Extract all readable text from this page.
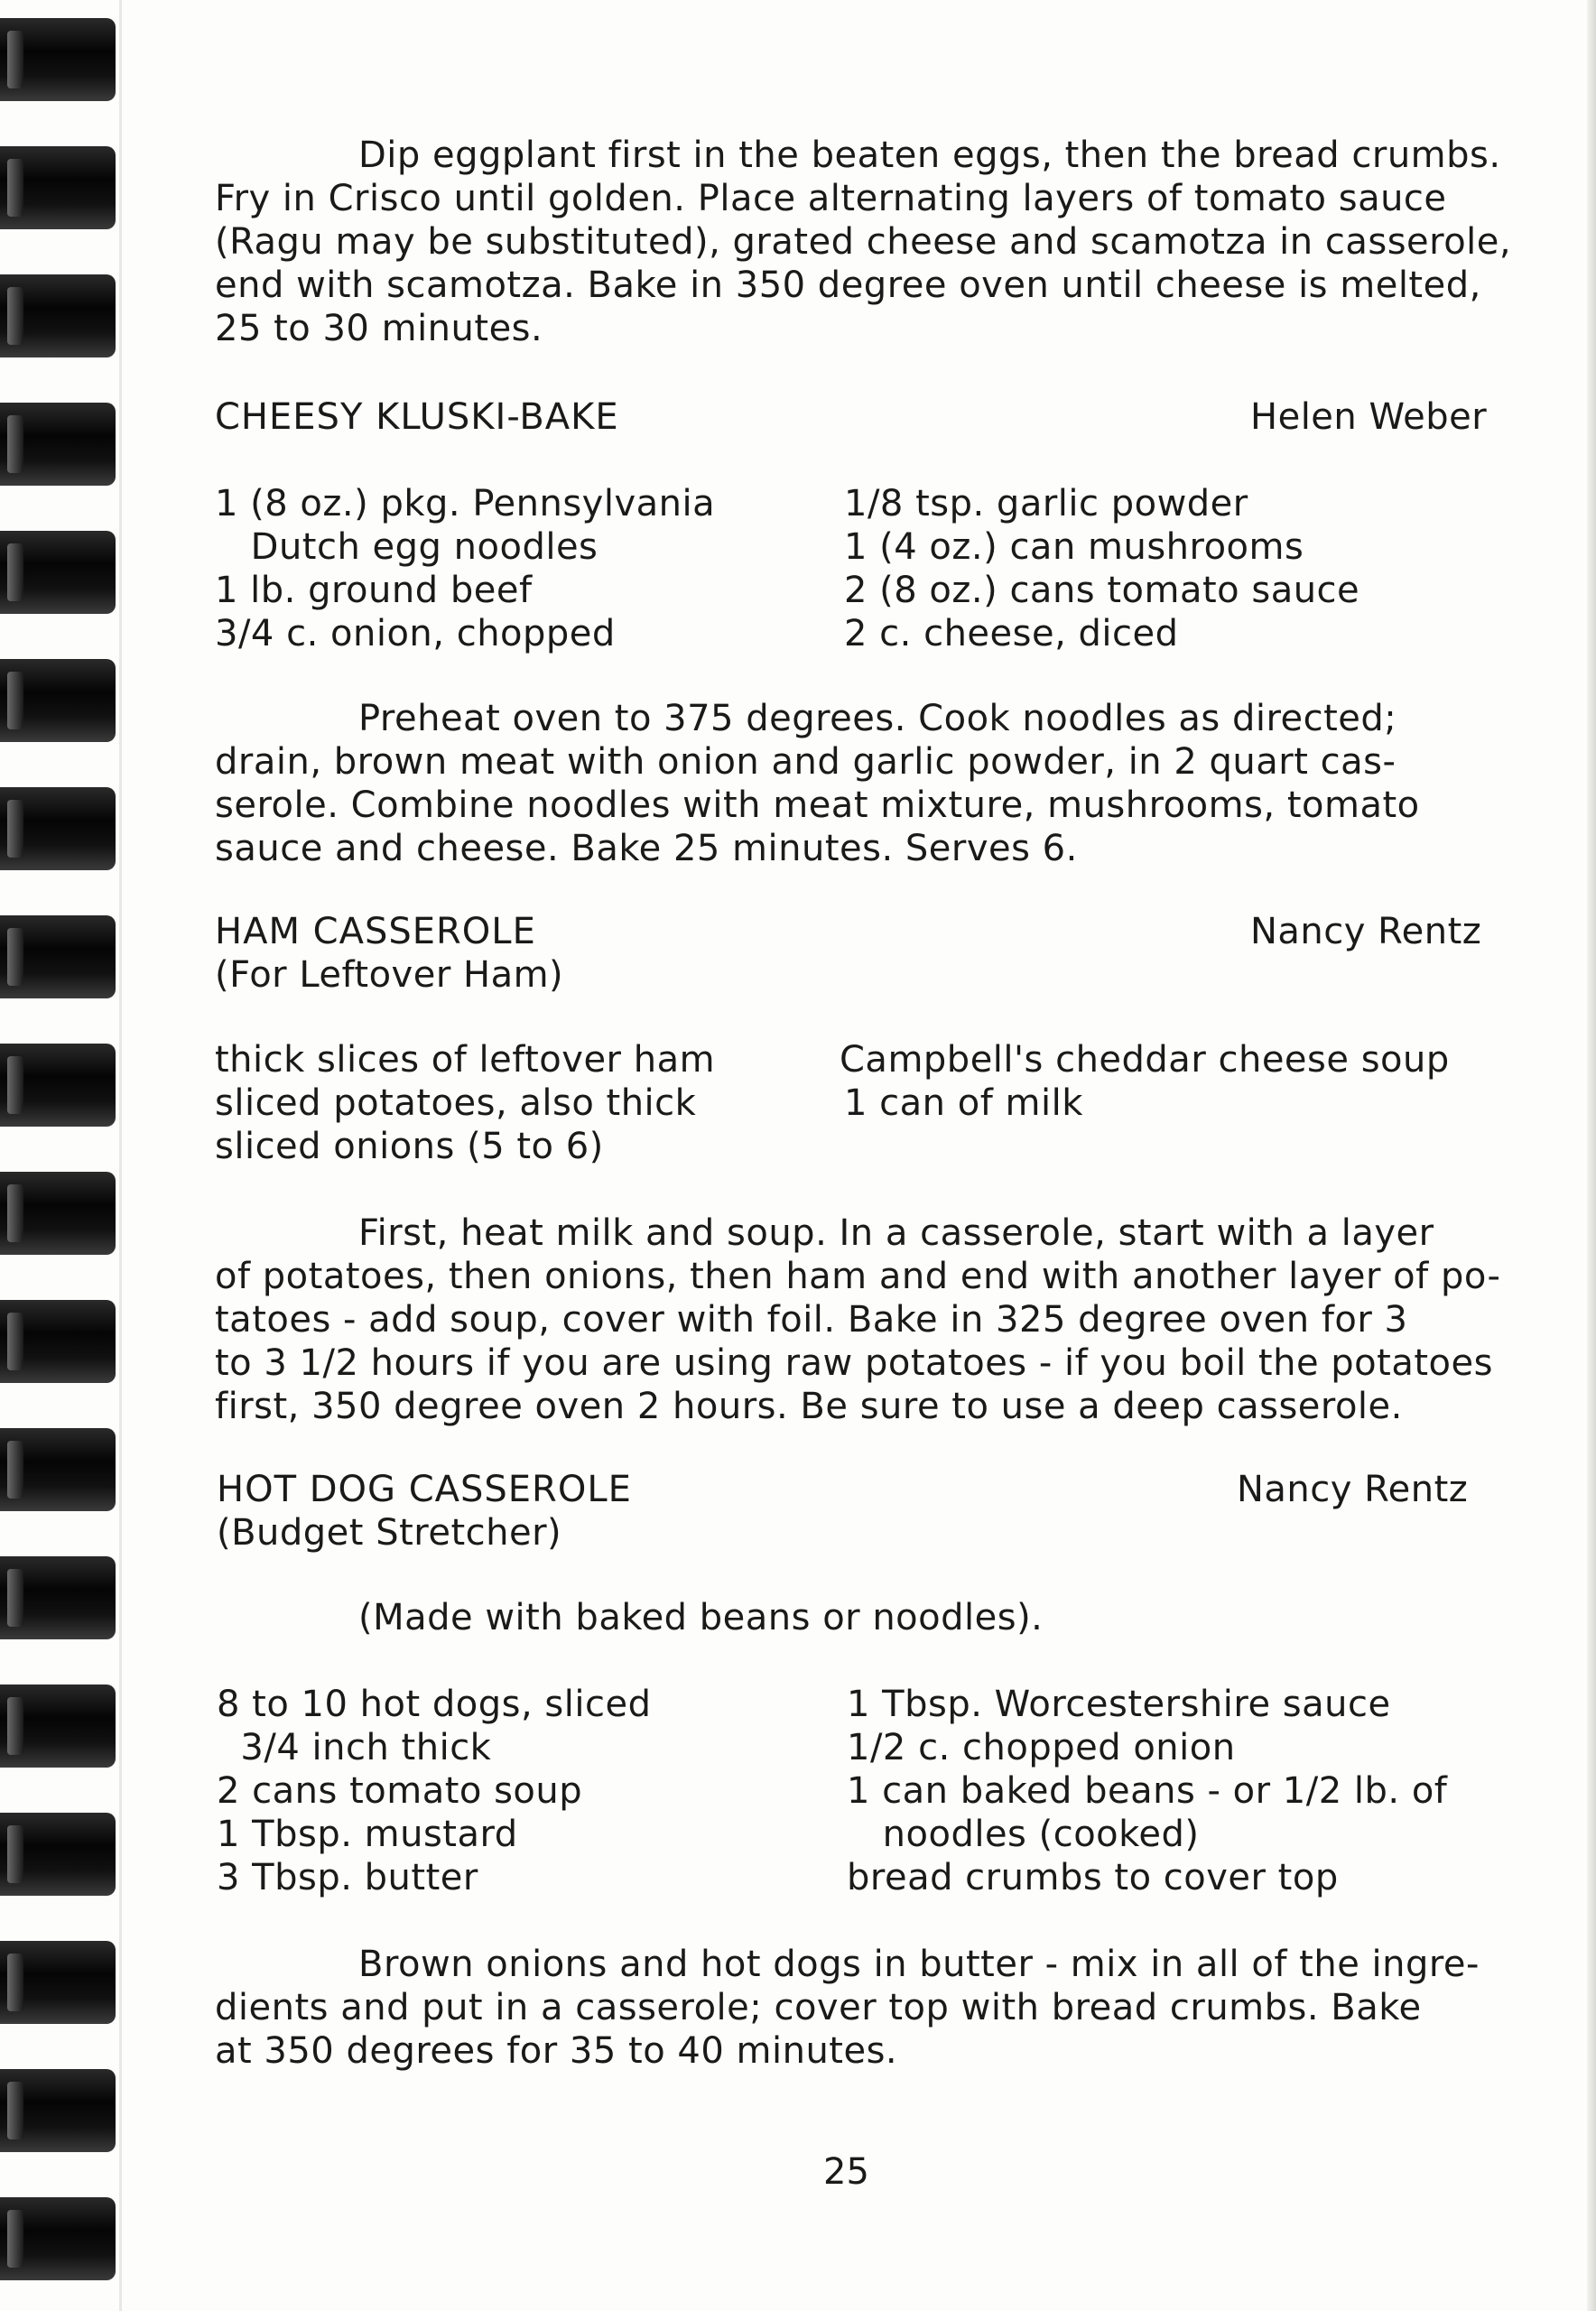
Dip eggplant first in the beaten eggs, then the bread crumbs.
Fry in Crisco until golden. Place alternating layers of tomato sauce
(Ragu may be substituted), grated cheese and scamotza in casserole,
end with scamotza. Bake in 350 degree oven until cheese is melted,
25 to 30 minutes.
CHEESY KLUSKI-BAKE	Helen Weber
1 (8 oz.) pkg. Pennsylvania
Dutch egg noodles
1 lb. ground beef
3/4 c. onion, chopped
1/8 tsp. garlic powder
1 (4 oz.) can mushrooms
2 (8 oz.) cans tomato sauce
2 c. cheese, diced
Preheat oven to 375 degrees. Cook noodles as directed;
drain, brown meat with onion and garlic powder, in 2 quart cas-
serole. Combine noodles with meat mixture, mushrooms, tomato
sauce and cheese. Bake 25 minutes. Serves 6.
HAM CASSEROLE	Nancy Rentz
(For Leftover Ham)
thick slices of leftover ham
sliced potatoes, also thick
sliced onions (5 to 6)
Campbell's cheddar cheese soup
1 can of milk
First, heat milk and soup. In a casserole, start with a layer
of potatoes, then onions, then ham and end with another layer of po-
tatoes - add soup, cover with foil. Bake in 325 degree oven for 3
to 3 1/2 hours if you are using raw potatoes - if you boil the potatoes
first, 350 degree oven 2 hours. Be sure to use a deep casserole.
HOT DOG CASSEROLE	Nancy Rentz
(Budget Stretcher)
(Made with baked beans or noodles).
8 to 10 hot dogs, sliced
3/4 inch thick
2 cans tomato soup
1 Tbsp. mustard
3 Tbsp. butter
1 Tbsp. Worcestershire sauce
1/2 c. chopped onion
1 can baked beans - or 1/2 lb. of
noodles (cooked)
bread crumbs to cover top
Brown onions and hot dogs in butter - mix in all of the ingre-
dients and put in a casserole; cover top with bread crumbs. Bake
at 350 degrees for 35 to 40 minutes.
25
